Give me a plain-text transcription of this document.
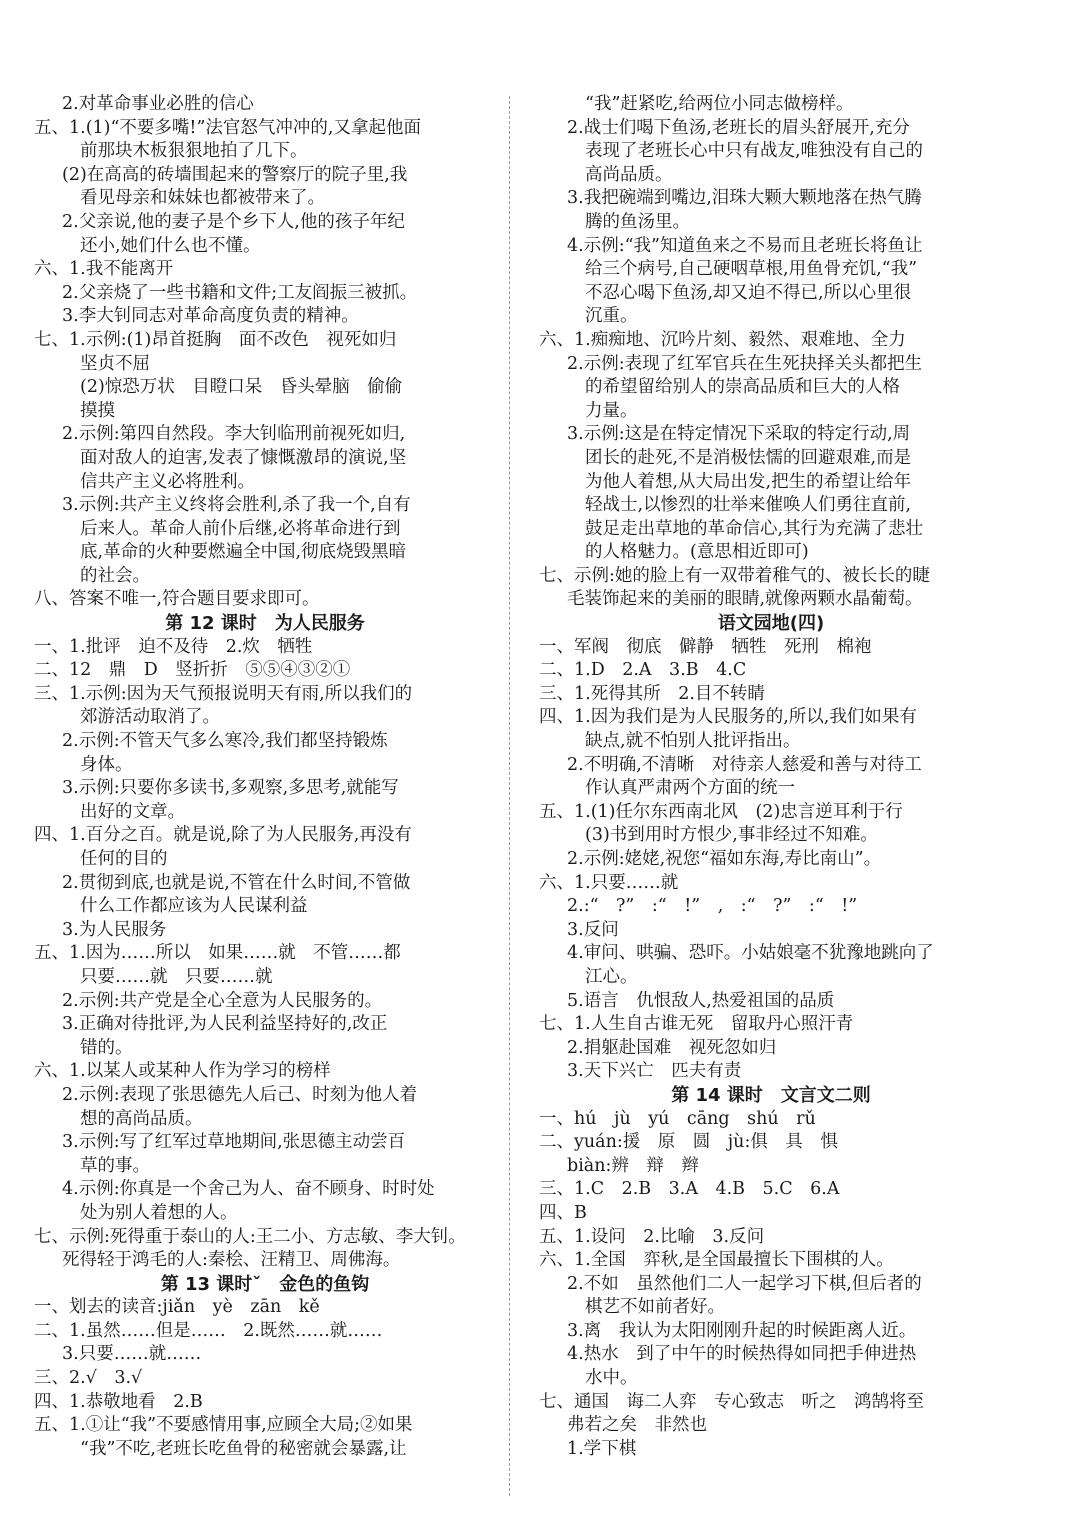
2.对革命事业必胜的信心
五、1.(1)“不要多嘴!”法官怒气冲冲的,又拿起他面
前那块木板狠狠地拍了几下。
(2)在高高的砖墙围起来的警察厅的院子里,我
看见母亲和妹妹也都被带来了。
2.父亲说,他的妻子是个乡下人,他的孩子年纪
还小,她们什么也不懂。
六、1.我不能离开
2.父亲烧了一些书籍和文件;工友阎振三被抓。
3.李大钊同志对革命高度负责的精神。
七、1.示例:(1)昂首挺胸　面不改色　视死如归
坚贞不屈
(2)惊恐万状　目瞪口呆　昏头晕脑　偷偷
摸摸
2.示例:第四自然段。李大钊临刑前视死如归,
面对敌人的迫害,发表了慷慨激昂的演说,坚
信共产主义必将胜利。
3.示例:共产主义终将会胜利,杀了我一个,自有
后来人。革命人前仆后继,必将革命进行到
底,革命的火种要燃遍全中国,彻底烧毁黑暗
的社会。
八、答案不唯一,符合题目要求即可。
第 12 课时　为人民服务
一、1.批评　迫不及待　2.炊　牺牲
二、12　鼎　D　竖折折　⑤⑤④③②①
三、1.示例:因为天气预报说明天有雨,所以我们的
郊游活动取消了。
2.示例:不管天气多么寒冷,我们都坚持锻炼
身体。
3.示例:只要你多读书,多观察,多思考,就能写
出好的文章。
四、1.百分之百。就是说,除了为人民服务,再没有
任何的目的
2.贯彻到底,也就是说,不管在什么时间,不管做
什么工作都应该为人民谋利益
3.为人民服务
五、1.因为……所以　如果……就　不管……都
只要……就　只要……就
2.示例:共产党是全心全意为人民服务的。
3.正确对待批评,为人民利益坚持好的,改正
错的。
六、1.以某人或某种人作为学习的榜样
2.示例:表现了张思德先人后己、时刻为他人着
想的高尚品质。
3.示例:写了红军过草地期间,张思德主动尝百
草的事。
4.示例:你真是一个舍己为人、奋不顾身、时时处
处为别人着想的人。
七、示例:死得重于泰山的人:王二小、方志敏、李大钊。
死得轻于鸿毛的人:秦桧、汪精卫、周佛海。
第 13 课时ˇ　金色的鱼钩
一、划去的读音:jiǎn　yè　zān　kě
二、1.虽然……但是……　2.既然……就……
3.只要……就……
三、2.√　3.√
四、1.恭敬地看　2.B
五、1.①让“我”不要感情用事,应顾全大局;②如果
“我”不吃,老班长吃鱼骨的秘密就会暴露,让
“我”赶紧吃,给两位小同志做榜样。
2.战士们喝下鱼汤,老班长的眉头舒展开,充分
表现了老班长心中只有战友,唯独没有自己的
高尚品质。
3.我把碗端到嘴边,泪珠大颗大颗地落在热气腾
腾的鱼汤里。
4.示例:“我”知道鱼来之不易而且老班长将鱼让
给三个病号,自己硬咽草根,用鱼骨充饥,“我”
不忍心喝下鱼汤,却又迫不得已,所以心里很
沉重。
六、1.痴痴地、沉吟片刻、毅然、艰难地、全力
2.示例:表现了红军官兵在生死抉择关头都把生
的希望留给别人的崇高品质和巨大的人格
力量。
3.示例:这是在特定情况下采取的特定行动,周
团长的赴死,不是消极怯懦的回避艰难,而是
为他人着想,从大局出发,把生的希望让给年
轻战士,以惨烈的壮举来催唤人们勇往直前,
鼓足走出草地的革命信心,其行为充满了悲壮
的人格魅力。(意思相近即可)
七、示例:她的脸上有一双带着稚气的、被长长的睫
毛装饰起来的美丽的眼睛,就像两颗水晶葡萄。
语文园地(四)
一、军阀　彻底　僻静　牺牲　死刑　棉袍
二、1.D　2.A　3.B　4.C
三、1.死得其所　2.目不转睛
四、1.因为我们是为人民服务的,所以,我们如果有
缺点,就不怕别人批评指出。
2.不明确,不清晰　对待亲人慈爱和善与对待工
作认真严肃两个方面的统一
五、1.(1)任尔东西南北风　(2)忠言逆耳利于行
(3)书到用时方恨少,事非经过不知难。
2.示例:姥姥,祝您“福如东海,寿比南山”。
六、1.只要……就
2.:“　?”　:“　!”　,　:“　?”　:“　!”
3.反问
4.审问、哄骗、恐吓。小姑娘毫不犹豫地跳向了
江心。
5.语言　仇恨敌人,热爱祖国的品质
七、1.人生自古谁无死　留取丹心照汗青
2.捐躯赴国难　视死忽如归
3.天下兴亡　匹夫有责
第 14 课时　文言文二则
一、hú　jù　yú　cāng　shú　rǔ
二、yuán:援　原　圆　jù:俱　具　惧
biàn:辨　辩　辫
三、1.C　2.B　3.A　4.B　5.C　6.A
四、B
五、1.设问　2.比喻　3.反问
六、1.全国　弈秋,是全国最擅长下围棋的人。
2.不如　虽然他们二人一起学习下棋,但后者的
棋艺不如前者好。
3.离　我认为太阳刚刚升起的时候距离人近。
4.热水　到了中午的时候热得如同把手伸进热
水中。
七、通国　诲二人弈　专心致志　听之　鸿鹄将至
弗若之矣　非然也
1.学下棋
